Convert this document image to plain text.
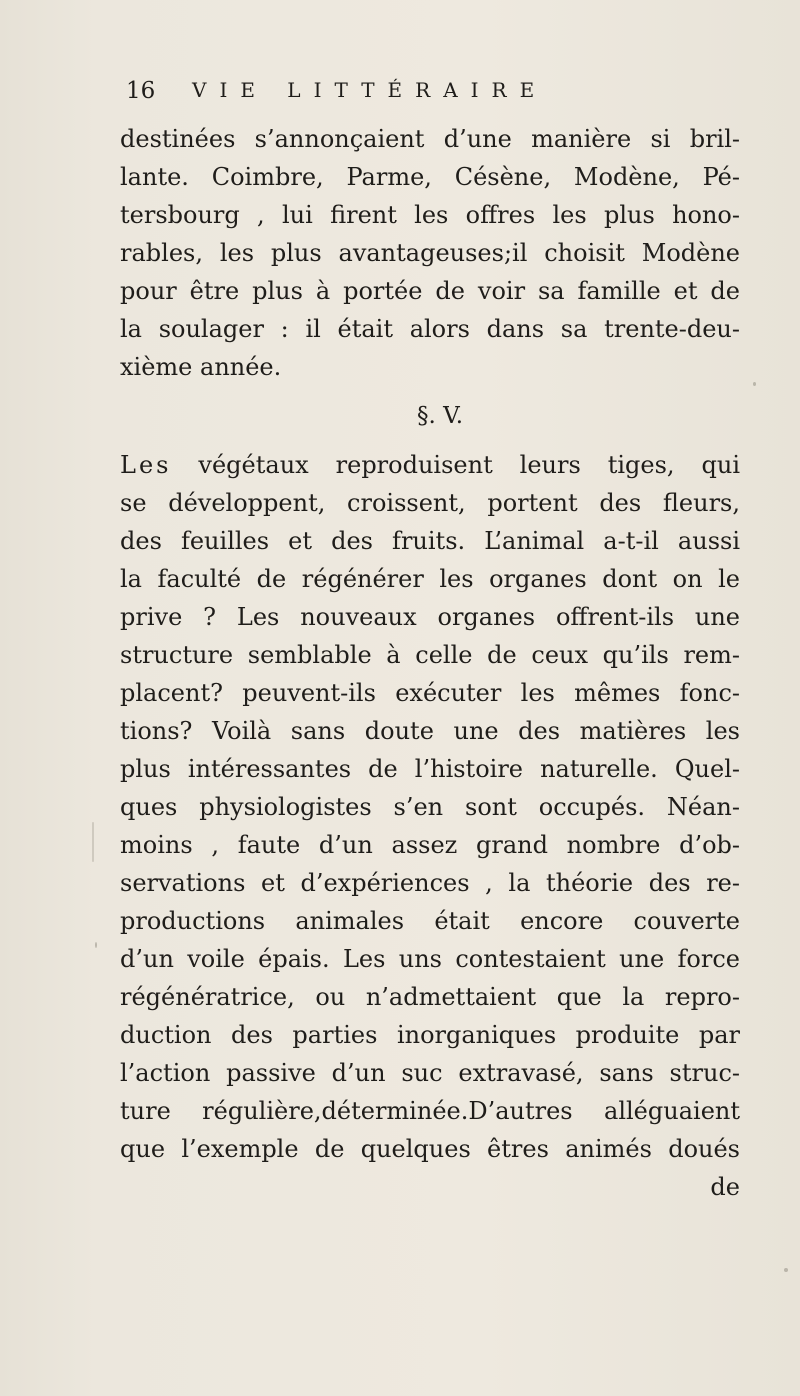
16 VIE LITTÉRAIRE
destinées s’annonçaient d’une manière si bril-
lante. Coimbre, Parme, Césène, Modène, Pé-
tersbourg , lui firent les offres les plus hono-
rables, les plus avantageuses;il choisit Modène
pour être plus à portée de voir sa famille et de
la soulager : il était alors dans sa trente-deu-
xième année.
§. V.
Les végétaux reproduisent leurs tiges, qui
se développent, croissent, portent des fleurs,
des feuilles et des fruits. L’animal a-t-il aussi
la faculté de régénérer les organes dont on le
prive ? Les nouveaux organes offrent-ils une
structure semblable à celle de ceux qu’ils rem-
placent? peuvent-ils exécuter les mêmes fonc-
tions? Voilà sans doute une des matières les
plus intéressantes de l’histoire naturelle. Quel-
ques physiologistes s’en sont occupés. Néan-
moins , faute d’un assez grand nombre d’ob-
servations et d’expériences , la théorie des re-
productions animales était encore couverte
d’un voile épais. Les uns contestaient une force
régénératrice, ou n’admettaient que la repro-
duction des parties inorganiques produite par
l’action passive d’un suc extravasé, sans struc-
ture régulière,déterminée.D’autres alléguaient
que l’exemple de quelques êtres animés doués
de
